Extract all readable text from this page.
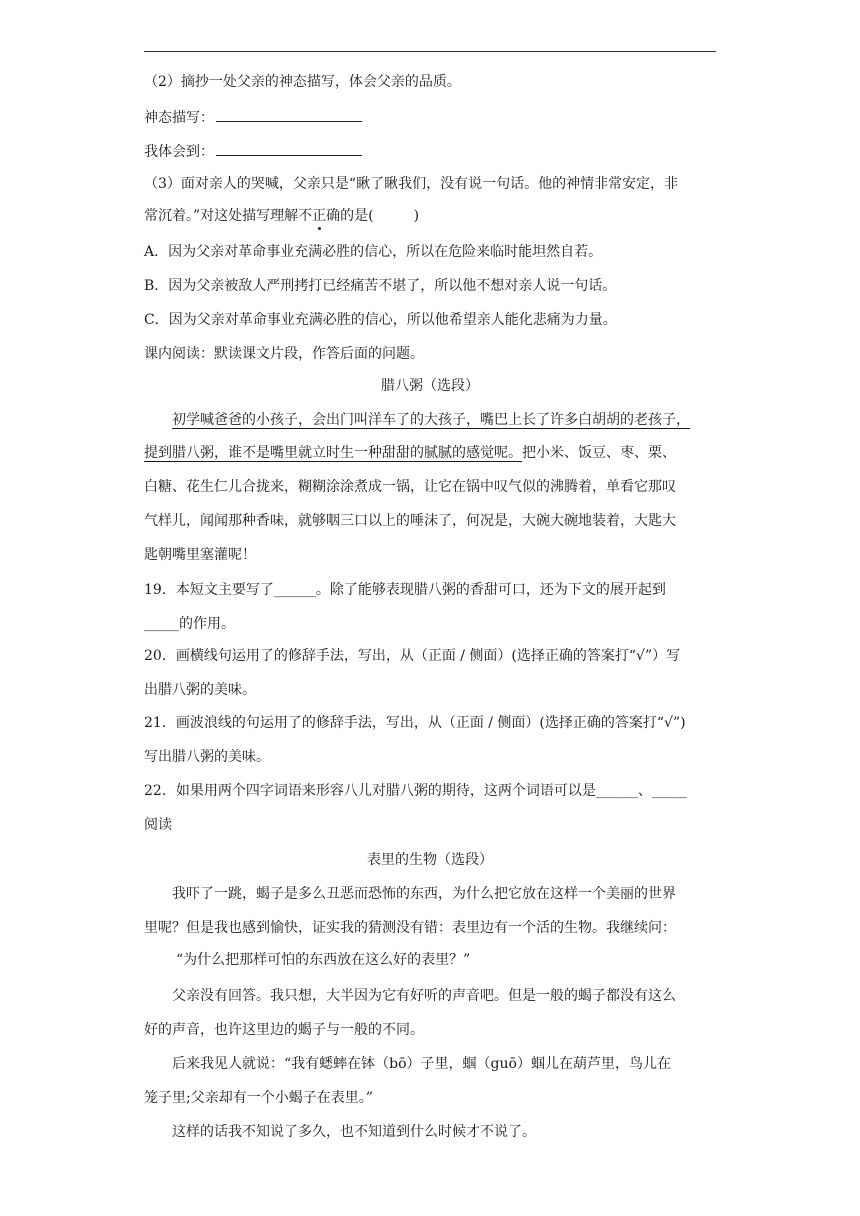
（2）摘抄一处父亲的神态描写，体会父亲的品质。
神态描写：
我体会到：
（3）面对亲人的哭喊，父亲只是“瞅了瞅我们，没有说一句话。他的神情非常安定，非
常沉着。”对这处描写理解不正确的是(	)
A．因为父亲对革命事业充满必胜的信心，所以在危险来临时能坦然自若。
B．因为父亲被敌人严刑拷打已经痛苦不堪了，所以他不想对亲人说一句话。
C．因为父亲对革命事业充满必胜的信心，所以他希望亲人能化悲痛为力量。
课内阅读：默读课文片段，作答后面的问题。
腊八粥（选段）
初学喊爸爸的小孩子，会出门叫洋车了的大孩子，嘴巴上长了许多白胡胡的老孩子，
提到腊八粥，谁不是嘴里就立时生一种甜甜的腻腻的感觉呢。把小米、饭豆、枣、栗、
白糖、花生仁儿合拢来，糊糊涂涂煮成一锅，让它在锅中叹气似的沸腾着，单看它那叹
气样儿，闻闻那种香味，就够咽三口以上的唾沫了，何况是，大碗大碗地装着，大匙大
匙朝嘴里塞灌呢！
19．本短文主要写了______。除了能够表现腊八粥的香甜可口，还为下文的展开起到
_____的作用。
20．画横线句运用了的修辞手法，写出，从（正面 / 侧面）(选择正确的答案打“√”）写
出腊八粥的美味。
21．画波浪线的句运用了的修辞手法，写出，从（正面 / 侧面）(选择正确的答案打“√”)
写出腊八粥的美味。
22．如果用两个四字词语来形容八儿对腊八粥的期待，这两个词语可以是______、_____
阅读
表里的生物（选段）
我吓了一跳，蝎子是多么丑恶而恐怖的东西，为什么把它放在这样一个美丽的世界
里呢？但是我也感到愉快，证实我的猜测没有错：表里边有一个活的生物。我继续问：
“为什么把那样可怕的东西放在这么好的表里？”
父亲没有回答。我只想，大半因为它有好听的声音吧。但是一般的蝎子都没有这么
好的声音，也许这里边的蝎子与一般的不同。
后来我见人就说：“我有蟋蟀在钵（bō）子里，蝈（guō）蝈儿在葫芦里，鸟儿在
笼子里;父亲却有一个小蝎子在表里。”
这样的话我不知说了多久，也不知道到什么时候才不说了。
